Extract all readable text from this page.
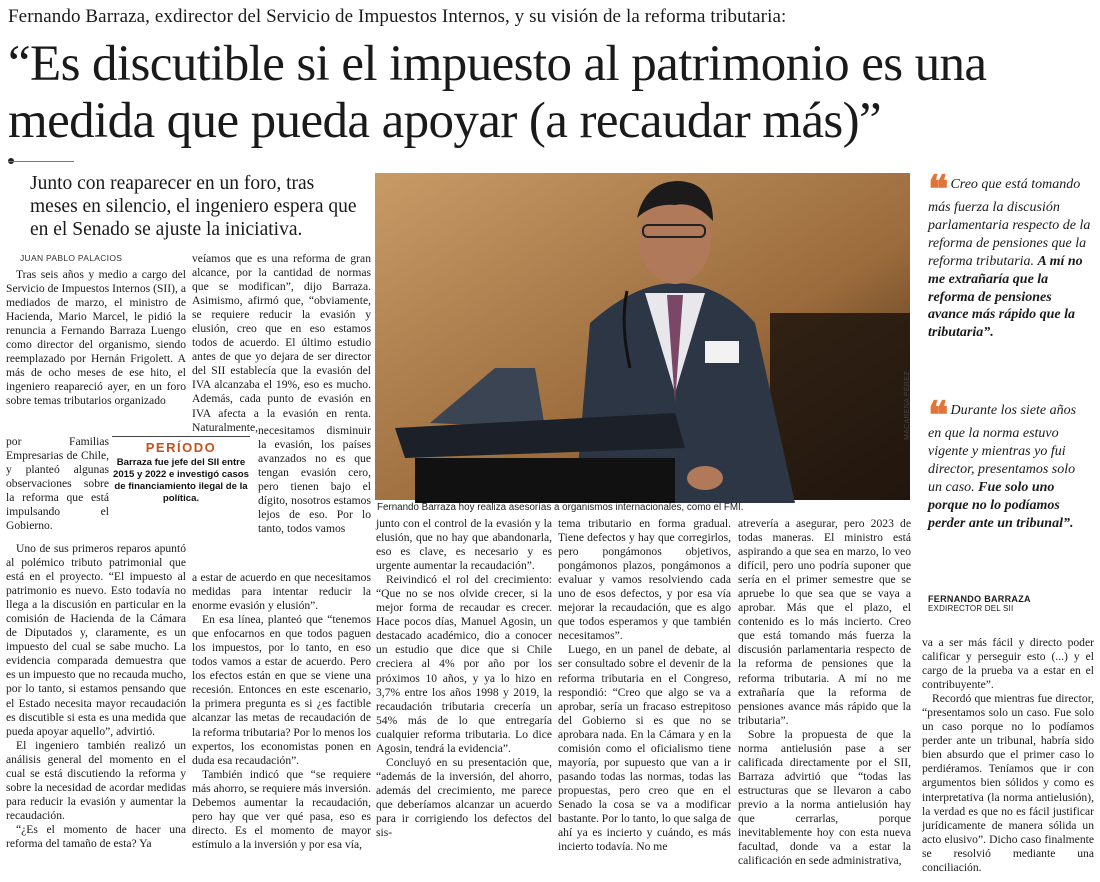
Fernando Barraza, exdirector del Servicio de Impuestos Internos, y su visión de la reforma tributaria:
“Es discutible si el impuesto al patrimonio es una medida que pueda apoyar (a recaudar más)”
Junto con reaparecer en un foro, tras meses en silencio, el ingeniero espera que en el Senado se ajuste la iniciativa.
JUAN PABLO PALACIOS

Tras seis años y medio a cargo del Servicio de Impuestos Internos (SII), a mediados de marzo, el ministro de Hacienda, Mario Marcel, le pidió la renuncia a Fernando Barraza Luengo como director del organismo, siendo reemplazado por Hernán Frigolett. A más de ocho meses de ese hito, el ingeniero reapareció ayer, en un foro sobre temas tributarios organizado

por Familias Empresarias de Chile, y planteó algunas observaciones sobre la reforma que está impulsando el Gobierno.

Uno de sus primeros reparos apuntó al polémico tributo patrimonial que está en el proyecto. “El impuesto al patrimonio es nuevo. Esto todavía no llega a la discusión en particular en la comisión de Hacienda de la Cámara de Diputados y, claramente, es un impuesto del cual se sabe mucho. La evidencia comparada demuestra que es un impuesto que no recauda mucho, por lo tanto, si estamos pensando que el Estado necesita mayor recaudación es discutible si esta es una medida que pueda apoyar aquello”, advirtió.

El ingeniero también realizó un análisis general del momento en el cual se está discutiendo la reforma y sobre la necesidad de acordar medidas para reducir la evasión y aumentar la recaudación.

“¿Es el momento de hacer una reforma del tamaño de esta? Ya

PERÍODO
Barraza fue jefe del SII entre 2015 y 2022 e investigó casos de financiamiento ilegal de la política.

veíamos que es una reforma de gran alcance, por la cantidad de normas que se modifican”, dijo Barraza. Asimismo, afirmó que, “obviamente, se requiere reducir la evasión y elusión, creo que en eso estamos todos de acuerdo. El último estudio antes de que yo dejara de ser director del SII establecía que la evasión del IVA alcanzaba el 19%, eso es mucho. Además, cada punto de evasión en IVA afecta a la evasión en renta. Naturalmente, necesitamos disminuir la evasión, los países avanzados no es que tengan evasión cero, pero tienen bajo el dígito, nosotros estamos lejos de eso. Por lo tanto, todos vamos

a estar de acuerdo en que necesitamos medidas para intentar reducir la enorme evasión y elusión”.

En esa línea, planteó que “tenemos que enfocarnos en que todos paguen los impuestos, por lo tanto, en eso todos vamos a estar de acuerdo. Pero los efectos están en que se viene una recesión. Entonces en este escenario, la primera pregunta es si ¿es factible alcanzar las metas de recaudación de la reforma tributaria? Por lo menos los expertos, los economistas ponen en duda esa recaudación”.

También indicó que “se requiere más ahorro, se requiere más inversión. Debemos aumentar la recaudación, pero hay que ver qué pasa, eso es directo. Es el momento de mayor estímulo a la inversión y por esa vía,

MACARENA PÉREZ
Fernando Barraza hoy realiza asesorías a organismos internacionales, como el FMI.

junto con el control de la evasión y la elusión, que no hay que abandonarla, eso es clave, es necesario y es urgente aumentar la recaudación”.

Reivindicó el rol del crecimiento: “Que no se nos olvide crecer, si la mejor forma de recaudar es crecer. Hace pocos días, Manuel Agosin, un destacado académico, dio a conocer un estudio que dice que si Chile creciera al 4% por año por los próximos 10 años, y ya lo hizo en 3,7% entre los años 1998 y 2019, la recaudación tributaria crecería un 54% más de lo que entregaría cualquier reforma tributaria. Lo dice Agosin, tendrá la evidencia”.

Concluyó en su presentación que, “además de la inversión, del ahorro, además del crecimiento, me parece que deberíamos alcanzar un acuerdo para ir corrigiendo los defectos del sis-

tema tributario en forma gradual. Tiene defectos y hay que corregirlos, pero pongámonos objetivos, pongámonos plazos, pongámonos a evaluar y vamos resolviendo cada uno de esos defectos, y por esa vía mejorar la recaudación, que es algo que todos esperamos y que también necesitamos”.

Luego, en un panel de debate, al ser consultado sobre el devenir de la reforma tributaria en el Congreso, respondió: “Creo que algo se va a aprobar, sería un fracaso estrepitoso del Gobierno si es que no se aprobara nada. En la Cámara y en la comisión como el oficialismo tiene mayoría, por supuesto que van a ir pasando todas las normas, todas las propuestas, pero creo que en el Senado la cosa se va a modificar bastante. Por lo tanto, lo que salga de ahí ya es incierto y cuándo, es más incierto todavía. No me

atrevería a asegurar, pero 2023 de todas maneras. El ministro está aspirando a que sea en marzo, lo veo difícil, pero uno podría suponer que sería en el primer semestre que se apruebe lo que sea que se vaya a aprobar. Más que el plazo, el contenido es lo más incierto. Creo que está tomando más fuerza la discusión parlamentaria respecto de la reforma de pensiones que la reforma tributaria. A mí no me extrañaría que la reforma de pensiones avance más rápido que la tributaria”.

Sobre la propuesta de que la norma antielusión pase a ser calificada directamente por el SII, Barraza advirtió que “todas las estructuras que se llevaron a cabo previo a la norma antielusión hay que cerrarlas, porque inevitablemente hoy con esta nueva facultad, donde va a estar la calificación en sede administrativa,

❝ Creo que está tomando más fuerza la discusión parlamentaria respecto de la reforma de pensiones que la reforma tributaria. A mí no me extrañaría que la reforma de pensiones avance más rápido que la tributaria”.
❝ Durante los siete años en que la norma estuvo vigente y mientras yo fui director, presentamos solo un caso. Fue solo uno porque no lo podíamos perder ante un tribunal”.
FERNANDO BARRAZA
EXDIRECTOR DEL SII

va a ser más fácil y directo poder calificar y perseguir esto (...) y el cargo de la prueba va a estar en el contribuyente”.

Recordó que mientras fue director, “presentamos solo un caso. Fue solo un caso porque no lo podíamos perder ante un tribunal, habría sido bien absurdo que el primer caso lo perdiéramos. Teníamos que ir con argumentos bien sólidos y como es interpretativa (la norma antielusión), la verdad es que no es fácil justificar jurídicamente de manera sólida un acto elusivo”. Dicho caso finalmente se resolvió mediante una conciliación.
